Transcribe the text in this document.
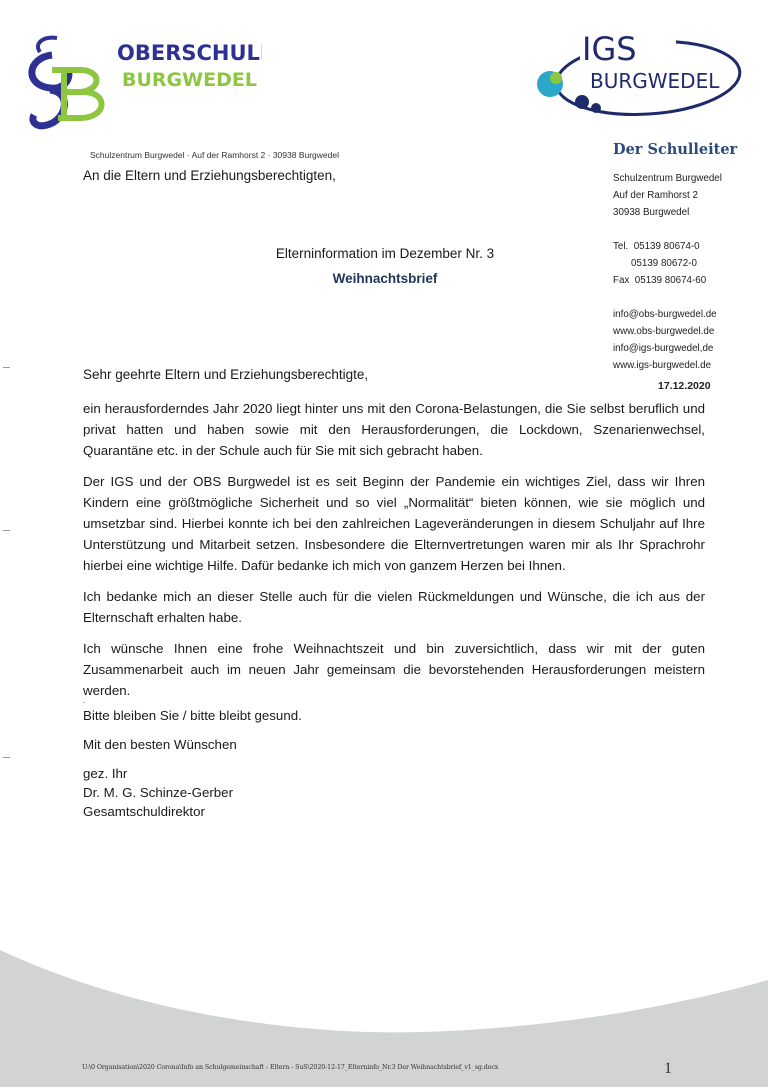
OBERSCHULE
BURGWEDEL
IGS
BURGWEDEL
Schulzentrum Burgwedel · Auf der Ramhorst 2 · 30938 Burgwedel
An die Eltern und Erziehungsberechtigten,
Der Schulleiter
Schulzentrum Burgwedel
Auf der Ramhorst 2
30938 Burgwedel
Tel. 05139 80674-0
05139 80672-0
Fax 05139 80674-60
info@obs-burgwedel.de
www.obs-burgwedel.de
info@igs-burgwedel,de
www.igs-burgwedel.de
17.12.2020
Elterninformation im Dezember Nr. 3
Weihnachtsbrief
Sehr geehrte Eltern und Erziehungsberechtigte,

ein herausforderndes Jahr 2020 liegt hinter uns mit den Corona-Belastungen, die Sie selbst beruflich und privat hatten und haben sowie mit den Herausforderungen, die Lockdown, Szenarienwechsel, Quarantäne etc. in der Schule auch für Sie mit sich gebracht haben.

Der IGS und der OBS Burgwedel ist es seit Beginn der Pandemie ein wichtiges Ziel, dass wir Ihren Kindern eine größtmögliche Sicherheit und so viel „Normalität“ bieten können, wie sie möglich und umsetzbar sind. Hierbei konnte ich bei den zahlreichen Lageveränderungen in diesem Schuljahr auf Ihre Unterstützung und Mitarbeit setzen. Insbesondere die Elternvertretungen waren mir als Ihr Sprachrohr hierbei eine wichtige Hilfe. Dafür bedanke ich mich von ganzem Herzen bei Ihnen.

Ich bedanke mich an dieser Stelle auch für die vielen Rückmeldungen und Wünsche, die ich aus der Elternschaft erhalten habe.

Ich wünsche Ihnen eine frohe Weihnachtszeit und bin zuversichtlich, dass wir mit der guten Zusammenarbeit auch im neuen Jahr gemeinsam die bevorstehenden Herausforderungen meistern werden.

.

Bitte bleiben Sie / bitte bleibt gesund.

Mit den besten Wünschen

gez. Ihr
Dr. M. G. Schinze-Gerber
Gesamtschuldirektor
U:\0 Organisation\2020 Corona\Info an Schulgemeinschaft - Eltern - SuS\2020-12-17_Elterninfo_Nr.3 Der Weihnachtsbrief_v1_sg.docx	1
